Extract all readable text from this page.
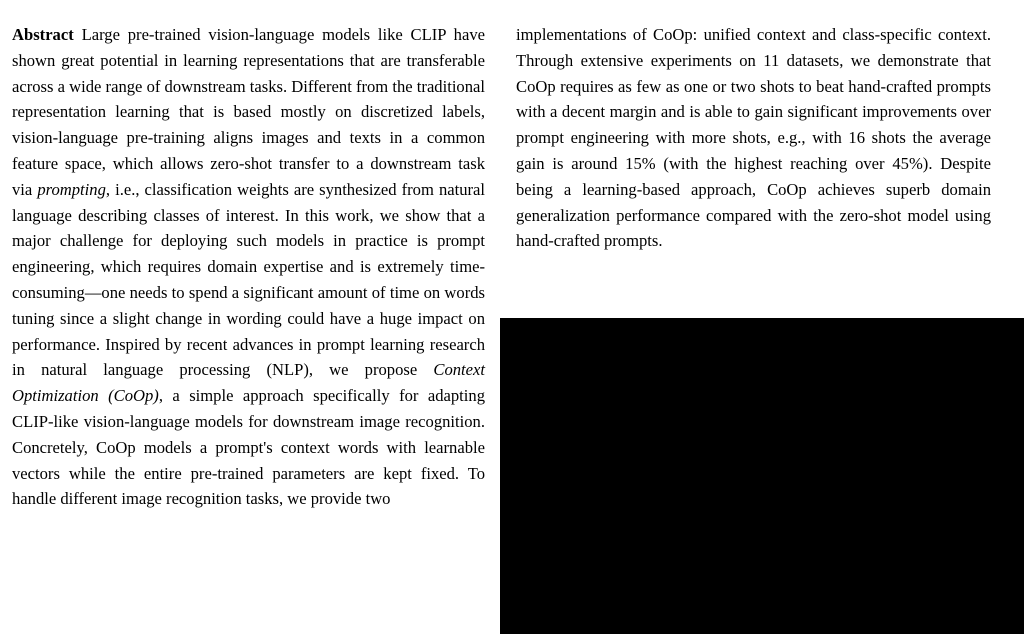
Abstract Large pre-trained vision-language models like CLIP have shown great potential in learning representations that are transferable across a wide range of downstream tasks. Different from the traditional representation learning that is based mostly on discretized labels, vision-language pre-training aligns images and texts in a common feature space, which allows zero-shot transfer to a downstream task via prompting, i.e., classification weights are synthesized from natural language describing classes of interest. In this work, we show that a major challenge for deploying such models in practice is prompt engineering, which requires domain expertise and is extremely time-consuming—one needs to spend a significant amount of time on words tuning since a slight change in wording could have a huge impact on performance. Inspired by recent advances in prompt learning research in natural language processing (NLP), we propose Context Optimization (CoOp), a simple approach specifically for adapting CLIP-like vision-language models for downstream image recognition. Concretely, CoOp models a prompt's context words with learnable vectors while the entire pre-trained parameters are kept fixed. To handle different image recognition tasks, we provide two

implementations of CoOp: unified context and class-specific context. Through extensive experiments on 11 datasets, we demonstrate that CoOp requires as few as one or two shots to beat hand-crafted prompts with a decent margin and is able to gain significant improvements over prompt engineering with more shots, e.g., with 16 shots the average gain is around 15% (with the highest reaching over 45%). Despite being a learning-based approach, CoOp achieves superb domain generalization performance compared with the zero-shot model using hand-crafted prompts.
